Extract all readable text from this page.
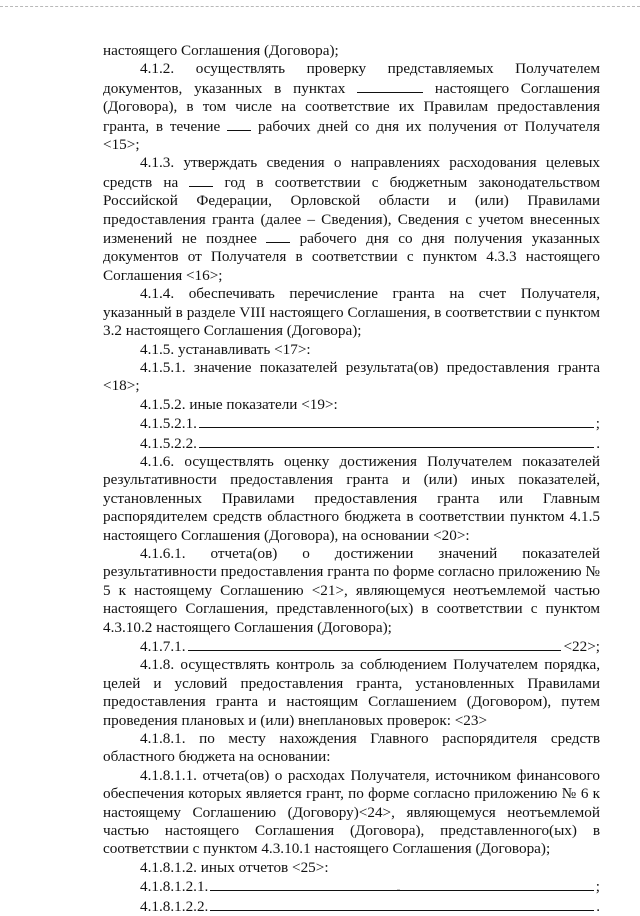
настоящего Соглашения (Договора);

4.1.2. осуществлять проверку представляемых Получателем документов, указанных в пунктах	настоящего Соглашения (Договора), в том числе на соответствие их Правилам предоставления гранта, в течение рабочих дней со дня их получения от Получателя <15>;

4.1.3. утверждать сведения о направлениях расходования целевых средств на	год в соответствии с бюджетным законодательством Российской Федерации, Орловской области и (или) Правилами предоставления гранта (далее – Сведения), Сведения с учетом внесенных изменений не позднее	рабочего дня со дня получения указанных документов от Получателя в соответствии с пунктом 4.3.3 настоящего Соглашения <16>;

4.1.4. обеспечивать перечисление гранта на счет Получателя, указанный в разделе VIII настоящего Соглашения, в соответствии с пунктом 3.2 настоящего Соглашения (Договора);

4.1.5. устанавливать <17>:

4.1.5.1. значение показателей результата(ов) предоставления гранта <18>;

4.1.5.2. иные показатели <19>:

4.1.5.2.1.	;
4.1.5.2.2.	.

4.1.6. осуществлять оценку достижения Получателем показателей результативности предоставления гранта и (или) иных показателей, установленных Правилами предоставления гранта или Главным распорядителем средств областного бюджета в соответствии пунктом 4.1.5 настоящего Соглашения (Договора), на основании <20>:

4.1.6.1. отчета(ов) о достижении значений показателей результативности предоставления гранта по форме согласно приложению № 5 к настоящему Соглашению <21>, являющемуся неотъемлемой частью настоящего Соглашения, представленного(ых) в соответствии с пунктом 4.3.10.2 настоящего Соглашения (Договора);

4.1.7.1.	<22>;

4.1.8. осуществлять контроль за соблюдением Получателем порядка, целей и условий предоставления гранта, установленных Правилами предоставления гранта и настоящим Соглашением (Договором), путем проведения плановых и (или) внеплановых проверок: <23>

4.1.8.1. по месту нахождения Главного распорядителя средств областного бюджета на основании:

4.1.8.1.1. отчета(ов) о расходах Получателя, источником финансового обеспечения которых является грант, по форме согласно приложению № 6 к настоящему Соглашению (Договору)<24>, являющемуся неотъемлемой частью настоящего Соглашения (Договора), представленного(ых) в соответствии с пунктом 4.3.10.1 настоящего Соглашения (Договора);

4.1.8.1.2. иных отчетов <25>:

4.1.8.1.2.1.	;
4.1.8.1.2.2.	.
